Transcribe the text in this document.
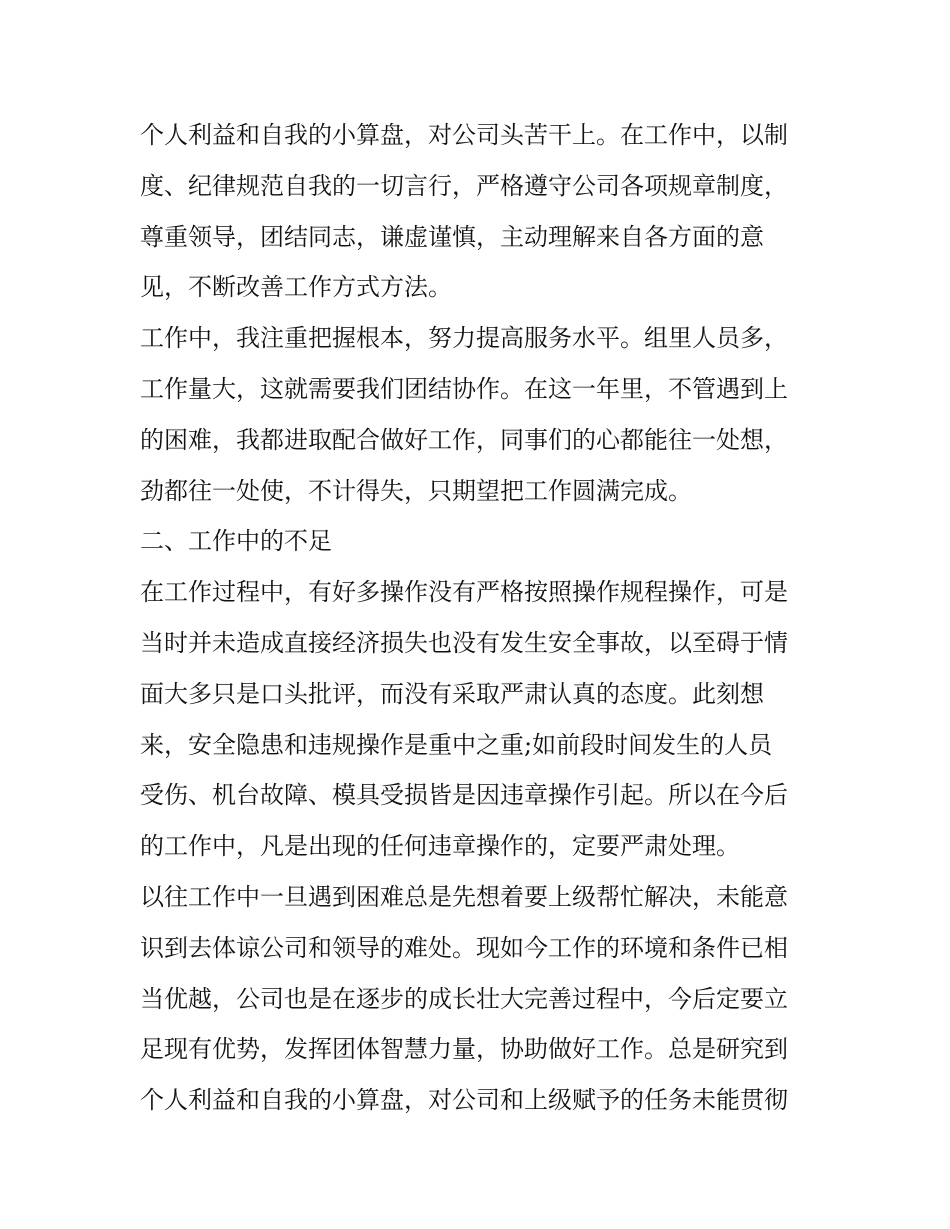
个人利益和自我的小算盘，对公司头苦干上。在工作中，以制
度、纪律规范自我的一切言行，严格遵守公司各项规章制度，
尊重领导，团结同志，谦虚谨慎，主动理解来自各方面的意
见，不断改善工作方式方法。
工作中，我注重把握根本，努力提高服务水平。组里人员多，
工作量大，这就需要我们团结协作。在这一年里，不管遇到上
的困难，我都进取配合做好工作，同事们的心都能往一处想，
劲都往一处使，不计得失，只期望把工作圆满完成。
二、工作中的不足
在工作过程中，有好多操作没有严格按照操作规程操作，可是
当时并未造成直接经济损失也没有发生安全事故，以至碍于情
面大多只是口头批评，而没有采取严肃认真的态度。此刻想
来，安全隐患和违规操作是重中之重;如前段时间发生的人员
受伤、机台故障、模具受损皆是因违章操作引起。所以在今后
的工作中，凡是出现的任何违章操作的，定要严肃处理。
以往工作中一旦遇到困难总是先想着要上级帮忙解决，未能意
识到去体谅公司和领导的难处。现如今工作的环境和条件已相
当优越，公司也是在逐步的成长壮大完善过程中，今后定要立
足现有优势，发挥团体智慧力量，协助做好工作。总是研究到
个人利益和自我的小算盘，对公司和上级赋予的任务未能贯彻
